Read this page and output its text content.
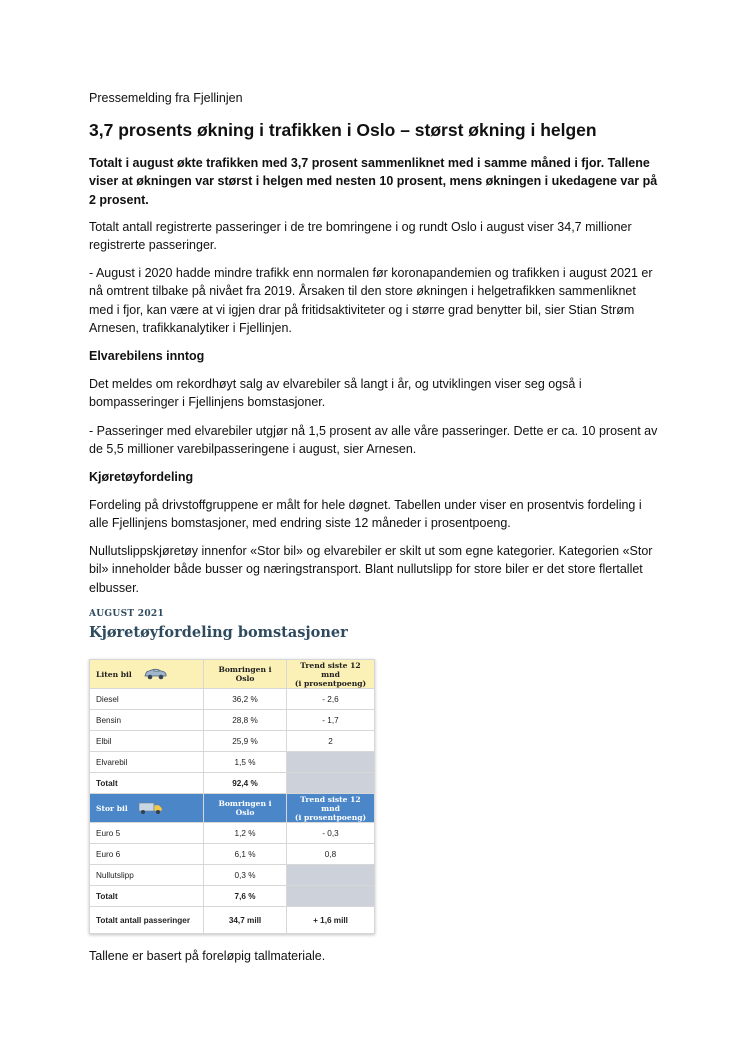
Pressemelding fra Fjellinjen
3,7 prosents økning i trafikken i Oslo – størst økning i helgen

Totalt i august økte trafikken med 3,7 prosent sammenliknet med i samme måned i fjor. Tallene viser at økningen var størst i helgen med nesten 10 prosent, mens økningen i ukedagene var på 2 prosent.

Totalt antall registrerte passeringer i de tre bomringene i og rundt Oslo i august viser 34,7 millioner registrerte passeringer.

- August i 2020 hadde mindre trafikk enn normalen før koronapandemien og trafikken i august 2021 er nå omtrent tilbake på nivået fra 2019. Årsaken til den store økningen i helgetrafikken sammenliknet med i fjor, kan være at vi igjen drar på fritidsaktiviteter og i større grad benytter bil, sier Stian Strøm Arnesen, trafikkanalytiker i Fjellinjen.

Elvarebilens inntog

Det meldes om rekordhøyt salg av elvarebiler så langt i år, og utviklingen viser seg også i bompasseringer i Fjellinjens bomstasjoner.

- Passeringer med elvarebiler utgjør nå 1,5 prosent av alle våre passeringer. Dette er ca. 10 prosent av de 5,5 millioner varebilpasseringene i august, sier Arnesen.

Kjøretøyfordeling

Fordeling på drivstoffgruppene er målt for hele døgnet. Tabellen under viser en prosentvis fordeling i alle Fjellinjens bomstasjoner, med endring siste 12 måneder i prosentpoeng.

Nullutslippskjøretøy innenfor «Stor bil» og elvarebiler er skilt ut som egne kategorier. Kategorien «Stor bil» inneholder både busser og næringstransport. Blant nullutslipp for store biler er det store flertallet elbusser.

AUGUST 2021
Kjøretøyfordeling bomstasjoner
Liten bil	Bomringen i Oslo	Trend siste 12 mnd
(i prosentpoeng)
Diesel	36,2 %	- 2,6
Bensin	28,8 %	- 1,7
Elbil	25,9 %	2
Elvarebil	1,5 %	
Totalt	92,4 %	

Stor bil	Bomringen i Oslo	Trend siste 12 mnd
(i prosentpoeng)
Euro 5	1,2 %	- 0,3
Euro 6	6,1 %	0,8
Nullutslipp	0,3 %	
Totalt	7,6 %	
Totalt antall passeringer	34,7 mill	+ 1,6 mill

Tallene er basert på foreløpig tallmateriale.
